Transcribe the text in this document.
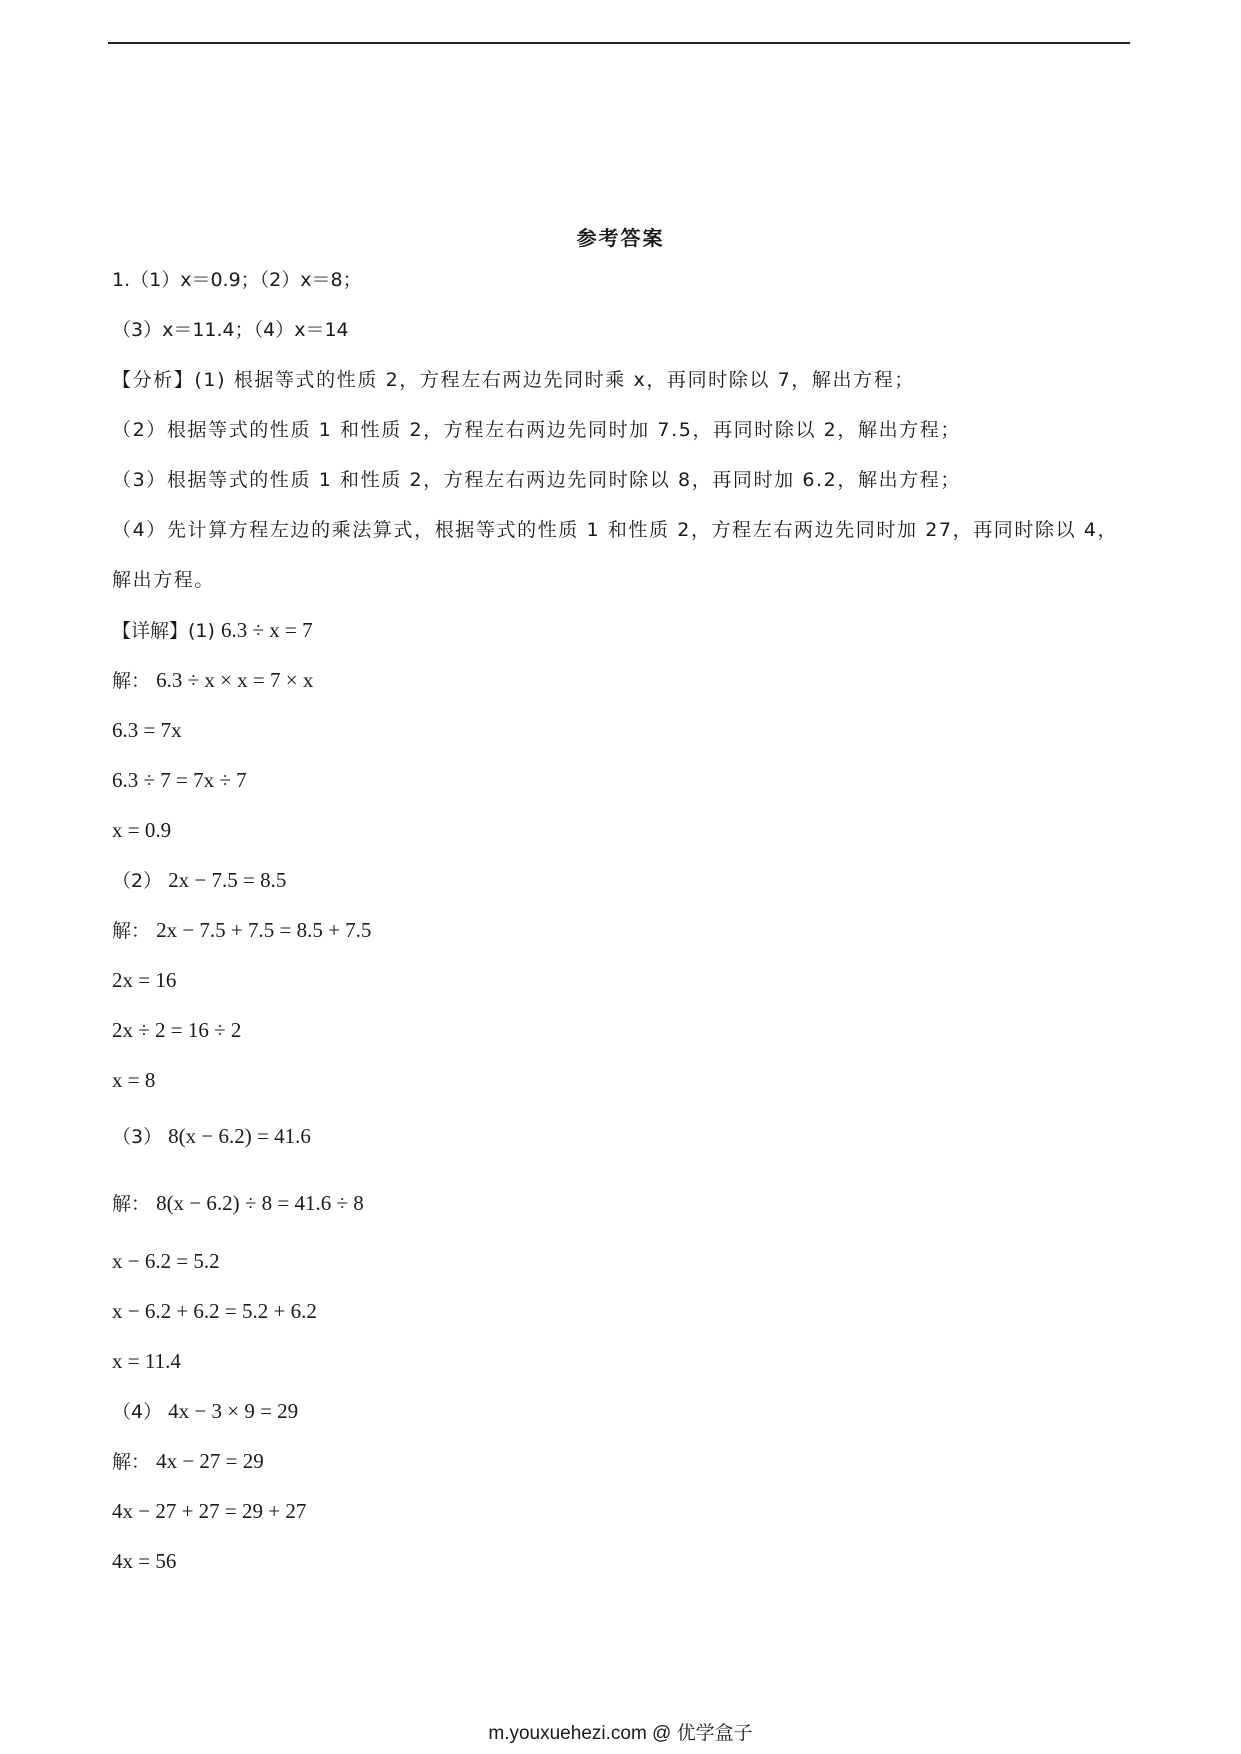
参考答案
1.（1）x＝0.9；（2）x＝8；
（3）x＝11.4；（4）x＝14
【分析】(1) 根据等式的性质 2，方程左右两边先同时乘 x，再同时除以 7，解出方程；
（2）根据等式的性质 1 和性质 2，方程左右两边先同时加 7.5，再同时除以 2，解出方程；
（3）根据等式的性质 1 和性质 2，方程左右两边先同时除以 8，再同时加 6.2，解出方程；
（4）先计算方程左边的乘法算式，根据等式的性质 1 和性质 2，方程左右两边先同时加 27，再同时除以 4，
解出方程。
【详解】(1) 6.3 ÷ x = 7
解： 6.3 ÷ x × x = 7 × x
6.3 = 7x
6.3 ÷ 7 = 7x ÷ 7
x = 0.9
（2） 2x − 7.5 = 8.5
解： 2x − 7.5 + 7.5 = 8.5 + 7.5
2x = 16
2x ÷ 2 = 16 ÷ 2
x = 8
（3） 8(x − 6.2) = 41.6
解： 8(x − 6.2) ÷ 8 = 41.6 ÷ 8
x − 6.2 = 5.2
x − 6.2 + 6.2 = 5.2 + 6.2
x = 11.4
（4） 4x − 3 × 9 = 29
解： 4x − 27 = 29
4x − 27 + 27 = 29 + 27
4x = 56
m.youxuehezi.com @ 优学盒子
